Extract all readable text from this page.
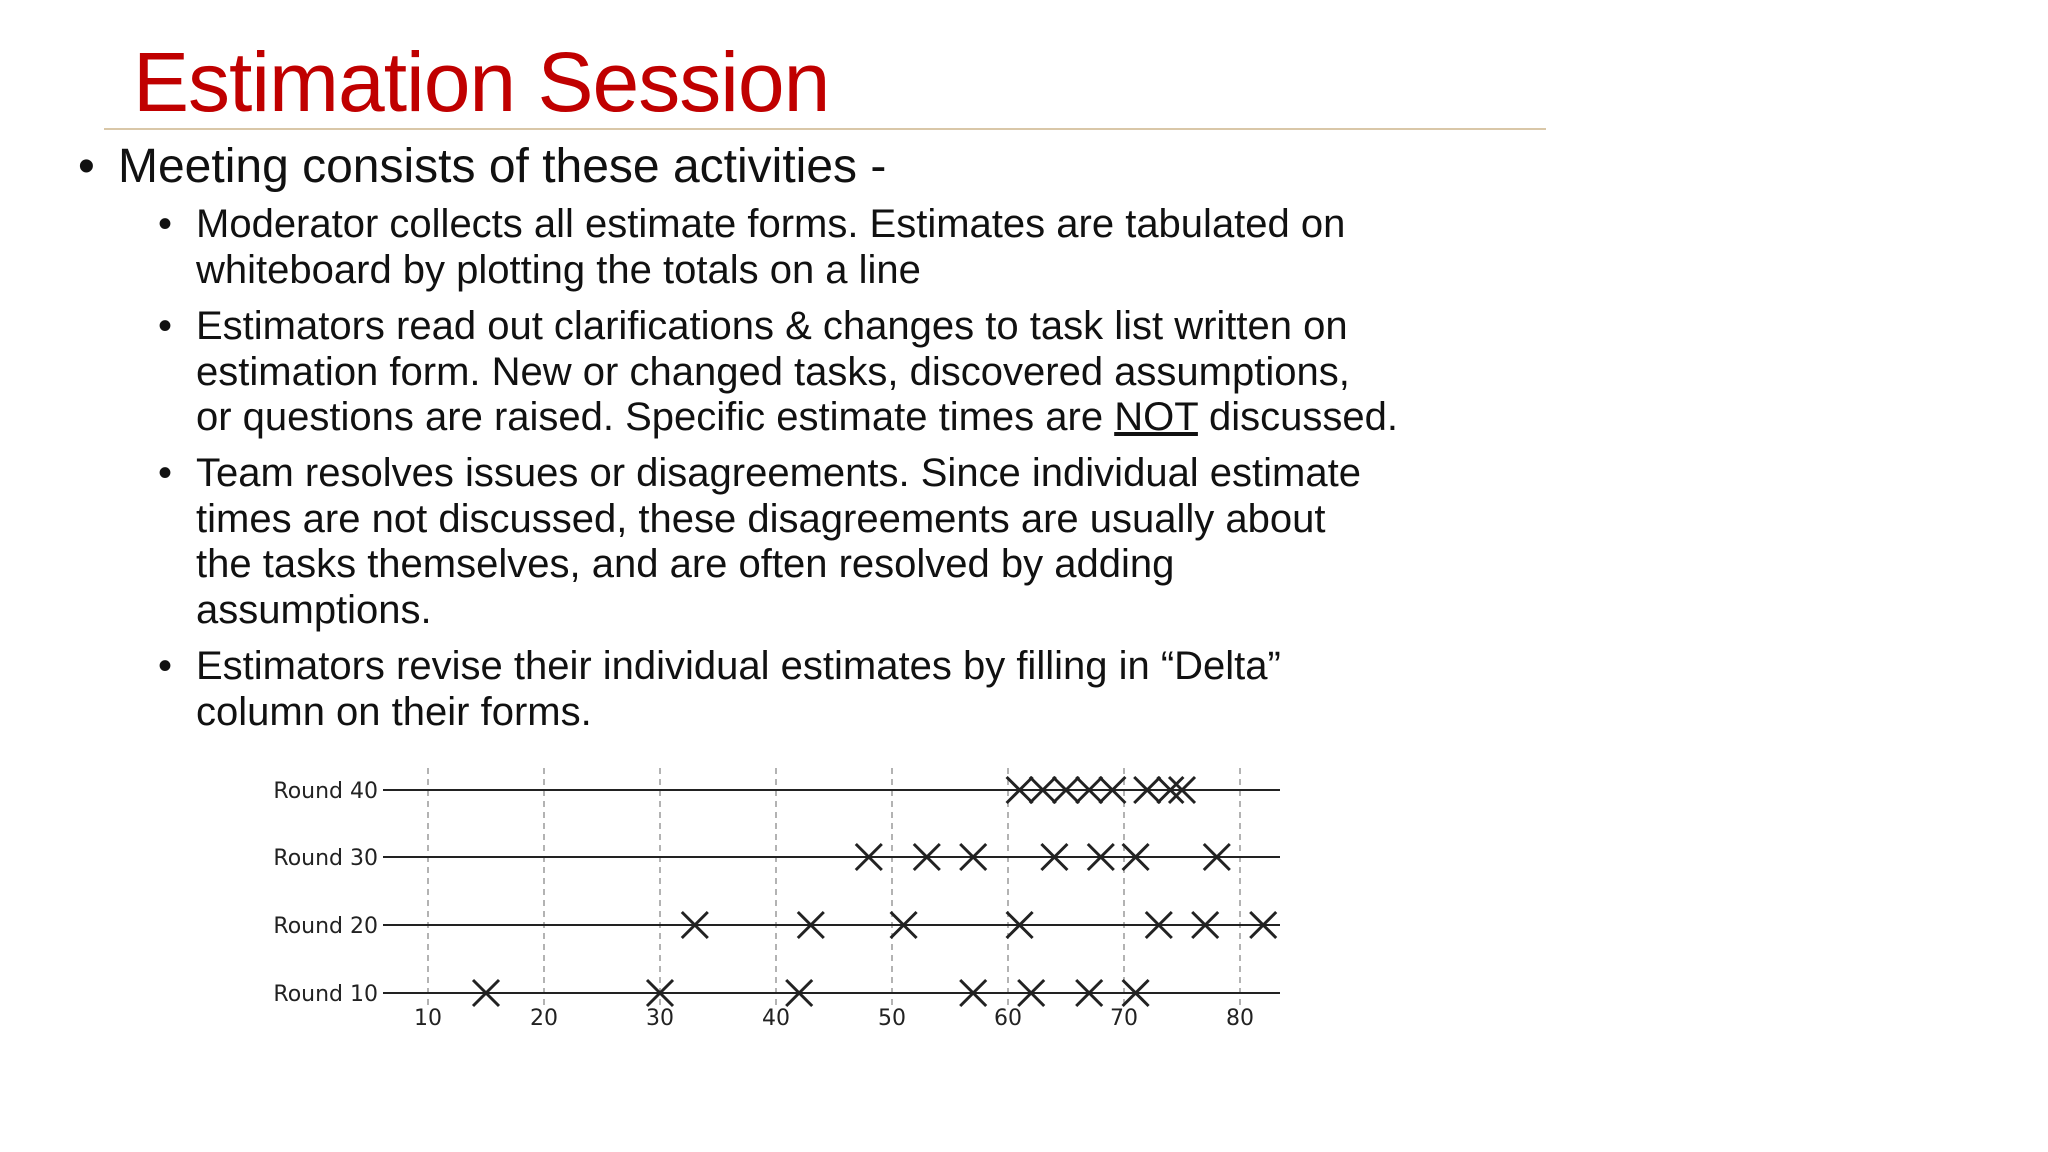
Estimation Session
• Meeting consists of these activities -
• Moderator collects all estimate forms. Estimates are tabulated on
whiteboard by plotting the totals on a line
• Estimators read out clarifications & changes to task list written on
estimation form. New or changed tasks, discovered assumptions,
or questions are raised. Specific estimate times are NOT discussed.
• Team resolves issues or disagreements. Since individual estimate
times are not discussed, these disagreements are usually about
the tasks themselves, and are often resolved by adding
assumptions.
• Estimators revise their individual estimates by filling in “Delta”
column on their forms.
10	20	30	40	50	60	70	80
Round 40
Round 30
Round 20
Round 10
